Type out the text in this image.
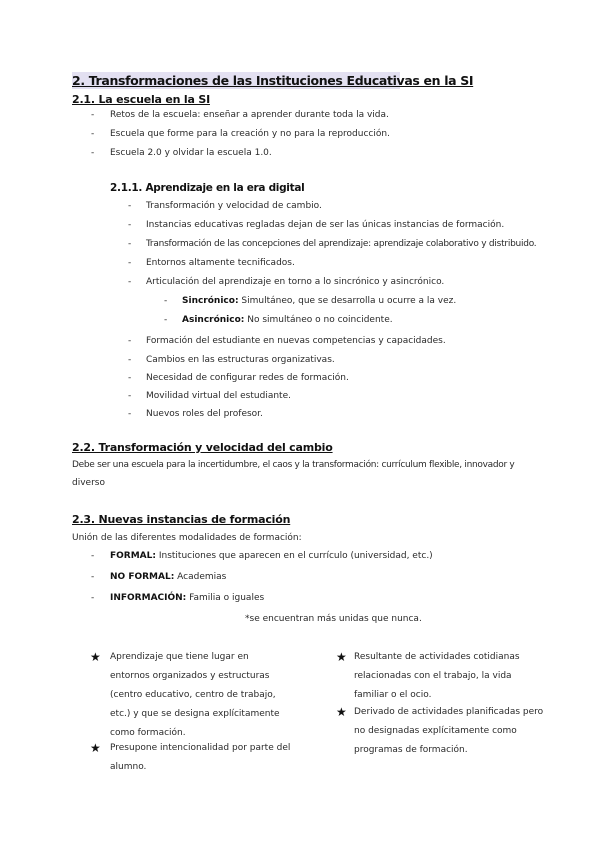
2. Transformaciones de las Instituciones Educativas en la SI
2.1. La escuela en la SI
- Retos de la escuela: enseñar a aprender durante toda la vida.
- Escuela que forme para la creación y no para la reproducción.
- Escuela 2.0 y olvidar la escuela 1.0.
2.1.1. Aprendizaje en la era digital
- Transformación y velocidad de cambio.
- Instancias educativas regladas dejan de ser las únicas instancias de formación.
- Transformación de las concepciones del aprendizaje: aprendizaje colaborativo y distribuido.
- Entornos altamente tecnificados.
- Articulación del aprendizaje en torno a lo sincrónico y asincrónico.
- Sincrónico: Simultáneo, que se desarrolla u ocurre a la vez.
- Asincrónico: No simultáneo o no coincidente.
- Formación del estudiante en nuevas competencias y capacidades.
- Cambios en las estructuras organizativas.
- Necesidad de configurar redes de formación.
- Movilidad virtual del estudiante.
- Nuevos roles del profesor.
2.2. Transformación y velocidad del cambio
Debe ser una escuela para la incertidumbre, el caos y la transformación: currículum flexible, innovador y
diverso
2.3. Nuevas instancias de formación
Unión de las diferentes modalidades de formación:
- FORMAL: Instituciones que aparecen en el currículo (universidad, etc.)
- NO FORMAL: Academias
- INFORMACIÓN: Familia o iguales
*se encuentran más unidas que nunca.
★ Aprendizaje que tiene lugar en
entornos organizados y estructuras
(centro educativo, centro de trabajo,
etc.) y que se designa explícitamente
como formación.
★ Presupone intencionalidad por parte del
alumno.
★ Resultante de actividades cotidianas
relacionadas con el trabajo, la vida
familiar o el ocio.
★ Derivado de actividades planificadas pero
no designadas explícitamente como
programas de formación.
